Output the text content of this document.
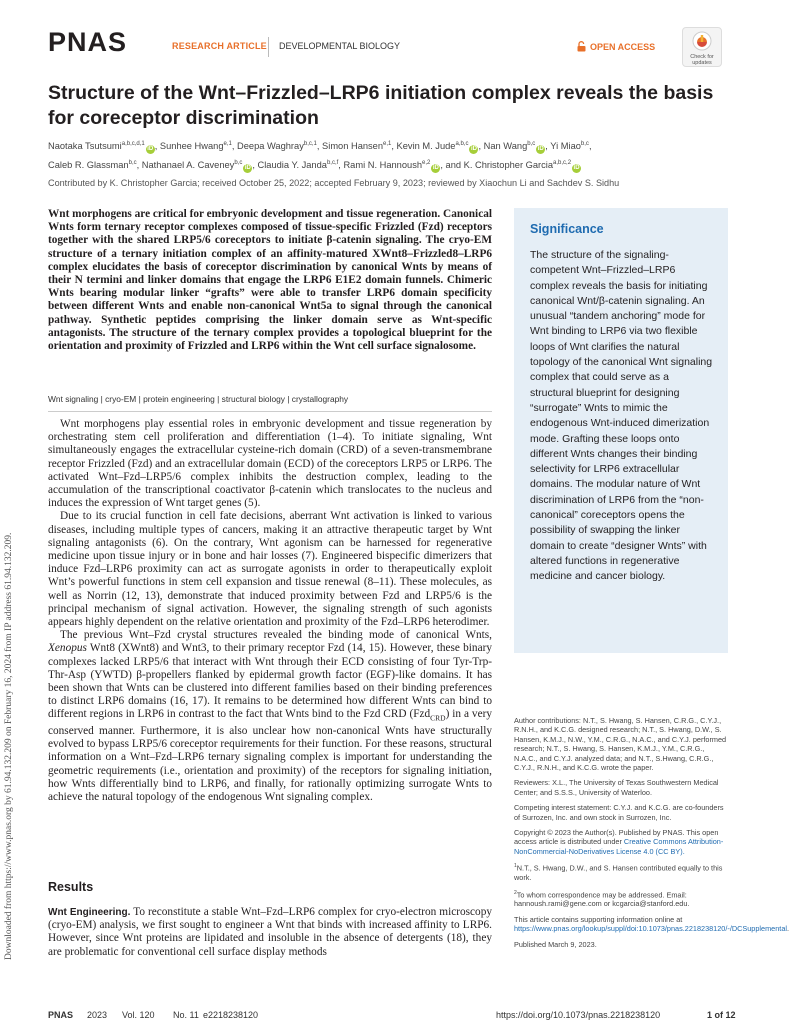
PNAS	RESEARCH ARTICLE DEVELOPMENTAL BIOLOGY	OPEN ACCESS
Check for updates
Structure of the Wnt–Frizzled–LRP6 initiation complex reveals the basis for coreceptor discrimination
Naotaka Tsutsumi$^{a,b,c,d,1}$iD , Sunhee Hwang$^{e,1}$, Deepa Waghray$^{b,c,1}$, Simon Hansen$^{e,1}$, Kevin M. Jude$^{a,b,c}$iD , Nan Wang$^{b,c}$iD , Yi Miao$^{b,c}$,
Caleb R. Glassman$^{b,c}$, Nathanael A. Caveney$^{b,c}$iD , Claudia Y. Janda$^{b,c,f}$, Rami N. Hannoush$^{e,2}$iD , and K. Christopher Garcia$^{a,b,c,2}$iD
Contributed by K. Christopher Garcia; received October 25, 2022; accepted February 9, 2023; reviewed by Xiaochun Li and Sachdev S. Sidhu

Wnt morphogens are critical for embryonic development and tissue regeneration. Canonical Wnts form ternary receptor complexes composed of tissue-specific Frizzled (Fzd) receptors together with the shared LRP5/6 coreceptors to initiate β-catenin signaling. The cryo-EM structure of a ternary initiation complex of an affinity-matured XWnt8–Frizzled8–LRP6 complex elucidates the basis of coreceptor discrimination by canonical Wnts by means of their N termini and linker domains that engage the LRP6 E1E2 domain funnels. Chimeric Wnts bearing modular linker “grafts” were able to transfer LRP6 domain specificity between different Wnts and enable non-canonical Wnt5a to signal through the canonical pathway. Synthetic peptides comprising the linker domain serve as Wnt-specific antagonists. The structure of the ternary complex provides a topological blueprint for the orientation and proximity of Frizzled and LRP6 within the Wnt cell surface signalosome.

Wnt signaling | cryo-EM | protein engineering | structural biology | crystallography

Wnt morphogens play essential roles in embryonic development and tissue regeneration by orchestrating stem cell proliferation and differentiation (1–4). To initiate signaling, Wnt simultaneously engages the extracellular cysteine-rich domain (CRD) of a seven-transmembrane receptor Frizzled (Fzd) and an extracellular domain (ECD) of the coreceptors LRP5 or LRP6. The activated Wnt–Fzd–LRP5/6 complex inhibits the destruction complex, leading to the accumulation of the transcriptional coactivator β-catenin which translocates to the nucleus and induces the expression of Wnt target genes (5).

Due to its crucial function in cell fate decisions, aberrant Wnt activation is linked to various diseases, including multiple types of cancers, making it an attractive therapeutic target by Wnt signaling antagonists (6). On the contrary, Wnt agonism can be harnessed for regenerative medicine upon tissue injury or in bone and hair losses (7). Engineered bispecific dimerizers that induce Fzd–LRP6 proximity can act as surrogate agonists in order to therapeutically exploit Wnt’s powerful functions in stem cell expansion and tissue renewal (8–11). These molecules, as well as Norrin (12, 13), demonstrate that induced proximity between Fzd and LRP5/6 is the principal mechanism of signal activation. However, the signaling strength of such agonists appears highly dependent on the relative orientation and proximity of the Fzd–LRP6 heterodimer.

The previous Wnt–Fzd crystal structures revealed the binding mode of canonical Wnts, Xenopus Wnt8 (XWnt8) and Wnt3, to their primary receptor Fzd (14, 15). However, these binary complexes lacked LRP5/6 that interact with Wnt through their ECD consisting of four Tyr-Trp-Thr-Asp (YWTD) β-propellers flanked by epidermal growth factor (EGF)-like domains. It has been shown that Wnts can be clustered into different families based on their binding preferences to distinct LRP6 domains (16, 17). It remains to be determined how different Wnts can bind to different regions in LRP6 in contrast to the fact that Wnts bind to the Fzd CRD (Fzd$_{CRD}$) in a very conserved manner. Furthermore, it is also unclear how non-canonical Wnts have structurally evolved to bypass LRP5/6 coreceptor requirements for their function. For these reasons, structural information on a Wnt–Fzd–LRP6 ternary signaling complex is important for understanding the geometric requirements (i.e., orientation and proximity) of the receptors for signaling initiation, how Wnts differentially bind to LRP6, and finally, for rationally optimizing surrogate Wnts to achieve the natural topology of the endogenous Wnt signaling complex.

Results
Wnt Engineering. To reconstitute a stable Wnt–Fzd–LRP6 complex for cryo-electron microscopy (cryo-EM) analysis, we first sought to engineer a Wnt that binds with increased affinity to LRP6. However, since Wnt proteins are lipidated and insoluble in the absence of detergents (18), they are problematic for conventional cell surface display methods
Significance

The structure of the signaling-competent Wnt–Frizzled–LRP6 complex reveals the basis for initiating canonical Wnt/β-catenin signaling. An unusual “tandem anchoring” mode for Wnt binding to LRP6 via two flexible loops of Wnt clarifies the natural topology of the canonical Wnt signaling complex that could serve as a structural blueprint for designing “surrogate” Wnts to mimic the endogenous Wnt-induced dimerization mode. Grafting these loops onto different Wnts changes their binding selectivity for LRP6 extracellular domains. The modular nature of Wnt discrimination of LRP6 from the “non-canonical” coreceptors opens the possibility of swapping the linker domain to create “designer Wnts” with altered functions in regenerative medicine and cancer biology.

Author contributions: N.T., S. Hwang, S. Hansen, C.R.G., C.Y.J., R.N.H., and K.C.G. designed research; N.T., S. Hwang, D.W., S. Hansen, K.M.J., N.W., Y.M., C.R.G., N.A.C., and C.Y.J. performed research; N.T., S. Hwang, S. Hansen, K.M.J., Y.M., C.R.G., N.A.C., and C.Y.J. analyzed data; and N.T., S.Hwang, C.R.G., C.Y.J., R.N.H., and K.C.G. wrote the paper.

Reviewers: X.L., The University of Texas Southwestern Medical Center; and S.S.S., University of Waterloo.

Competing interest statement: C.Y.J. and K.C.G. are co-founders of Surrozen, Inc. and own stock in Surrozen, Inc.

Copyright © 2023 the Author(s). Published by PNAS. This open access article is distributed under Creative Commons Attribution-NonCommercial-NoDerivatives License 4.0 (CC BY).

$^1$N.T., S. Hwang, D.W., and S. Hansen contributed equally to this work.

$^2$To whom correspondence may be addressed. Email: hannoush.rami@gene.com or kcgarcia@stanford.edu.

This article contains supporting information online at https://www.pnas.org/lookup/suppl/doi:10.1073/pnas.2218238120/-/DCSupplemental.

Published March 9, 2023.

Downloaded from https://www.pnas.org by 61.94.132.209 on February 16, 2024 from IP address 61.94.132.209.
PNAS 2023 Vol. 120 No. 11 e2218238120	https://doi.org/10.1073/pnas.2218238120	1 of 12
